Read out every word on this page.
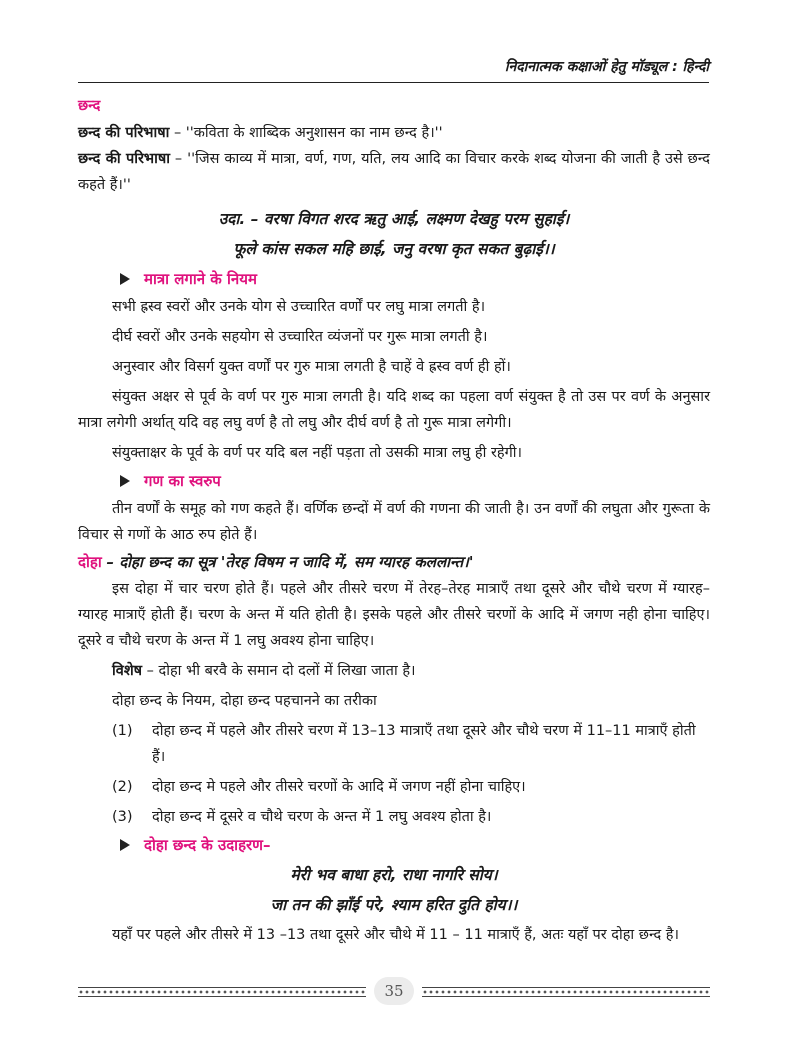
निदानात्मक कक्षाओं हेतु मॉड्यूल : हिन्दी
छन्द
छन्द की परिभाषा – ''कविता के शाब्दिक अनुशासन का नाम छन्द है।''
छन्द की परिभाषा – ''जिस काव्य में मात्रा, वर्ण, गण, यति, लय आदि का विचार करके शब्द योजना की जाती है उसे छन्द कहते हैं।''
उदा. – वरषा विगत शरद ऋतु आई, लक्ष्मण देखहु परम सुहाई।
फूले कांस सकल महि छाई, जनु वरषा कृत सकत बुढ़ाई।।
मात्रा लगाने के नियम
सभी ह्रस्व स्वरों और उनके योग से उच्चारित वर्णों पर लघु मात्रा लगती है।
दीर्घ स्वरों और उनके सहयोग से उच्चारित व्यंजनों पर गुरू मात्रा लगती है।
अनुस्वार और विसर्ग युक्त वर्णों पर गुरु मात्रा लगती है चाहें वे ह्रस्व वर्ण ही हों।
संयुक्त अक्षर से पूर्व के वर्ण पर गुरु मात्रा लगती है। यदि शब्द का पहला वर्ण संयुक्त है तो उस पर वर्ण के अनुसार मात्रा लगेगी अर्थात् यदि वह लघु वर्ण है तो लघु और दीर्घ वर्ण है तो गुरू मात्रा लगेगी।
संयुक्ताक्षर के पूर्व के वर्ण पर यदि बल नहीं पड़ता तो उसकी मात्रा लघु ही रहेगी।
गण का स्वरुप
तीन वर्णों के समूह को गण कहते हैं। वर्णिक छन्दों में वर्ण की गणना की जाती है। उन वर्णों की लघुता और गुरूता के विचार से गणों के आठ रुप होते हैं।
दोहा – दोहा छन्द का सूत्र 'तेरह विषम न जादि में, सम ग्यारह कललान्त।'
इस दोहा में चार चरण होते हैं। पहले और तीसरे चरण में तेरह–तेरह मात्राएँ तथा दूसरे और चौथे चरण में ग्यारह–ग्यारह मात्राएँ होती हैं। चरण के अन्त में यति होती है। इसके पहले और तीसरे चरणों के आदि में जगण नही होना चाहिए। दूसरे व चौथे चरण के अन्त में 1 लघु अवश्य होना चाहिए।
विशेष – दोहा भी बरवै के समान दो दलों में लिखा जाता है।
दोहा छन्द के नियम, दोहा छन्द पहचानने का तरीका
(1)	दोहा छन्द में पहले और तीसरे चरण में 13–13 मात्राएँ तथा दूसरे और चौथे चरण में 11–11 मात्राएँ होती हैं।
(2)	दोहा छन्द मे पहले और तीसरे चरणों के आदि में जगण नहीं होना चाहिए।
(3)	दोहा छन्द में दूसरे व चौथे चरण के अन्त में 1 लघु अवश्य होता है।
दोहा छन्द के उदाहरण–
मेरी भव बाधा हरो, राधा नागरि सोय।
जा तन की झाँई परे, श्याम हरित दुति होय।।
यहाँ पर पहले और तीसरे में 13 –13 तथा दूसरे और चौथे में 11 – 11 मात्राएँ हैं, अतः यहाँ पर दोहा छन्द है।
35
